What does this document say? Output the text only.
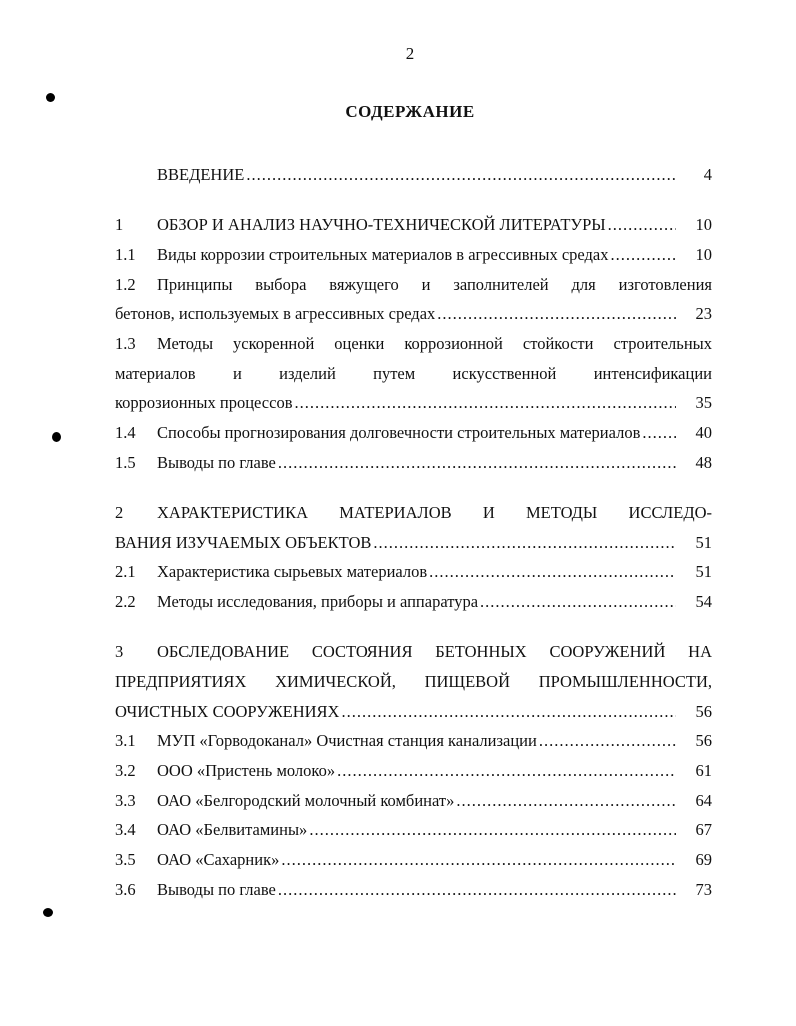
2
СОДЕРЖАНИЕ
ВВЕДЕНИЕ .....	4
1	ОБЗОР И АНАЛИЗ НАУЧНО-ТЕХНИЧЕСКОЙ ЛИТЕРАТУРЫ .....	10
1.1	Виды коррозии строительных материалов в агрессивных средах .....	10
1.2	Принципы выбора вяжущего и заполнителей для изготовления
бетонов, используемых в агрессивных средах .....	23
1.3	Методы ускоренной оценки коррозионной стойкости строительных
материалов и изделий путем искусственной интенсификации
коррозионных процессов .....	35
1.4	Способы прогнозирования долговечности строительных материалов .....	40
1.5	Выводы по главе .....	48
2	ХАРАКТЕРИСТИКА МАТЕРИАЛОВ И МЕТОДЫ ИССЛЕДО-
ВАНИЯ ИЗУЧАЕМЫХ ОБЪЕКТОВ .....	51
2.1	Характеристика сырьевых материалов .....	51
2.2	Методы исследования, приборы и аппаратура .....	54
3	ОБСЛЕДОВАНИЕ СОСТОЯНИЯ БЕТОННЫХ СООРУЖЕНИЙ НА
ПРЕДПРИЯТИЯХ ХИМИЧЕСКОЙ, ПИЩЕВОЙ ПРОМЫШЛЕННОСТИ,
ОЧИСТНЫХ СООРУЖЕНИЯХ .....	56
3.1	МУП «Горводоканал» Очистная станция канализации .....	56
3.2	ООО «Пристень молоко» .....	61
3.3	ОАО «Белгородский молочный комбинат» .....	64
3.4	ОАО «Белвитамины» .....	67
3.5	ОАО «Сахарник» .....	69
3.6	Выводы по главе .....	73
